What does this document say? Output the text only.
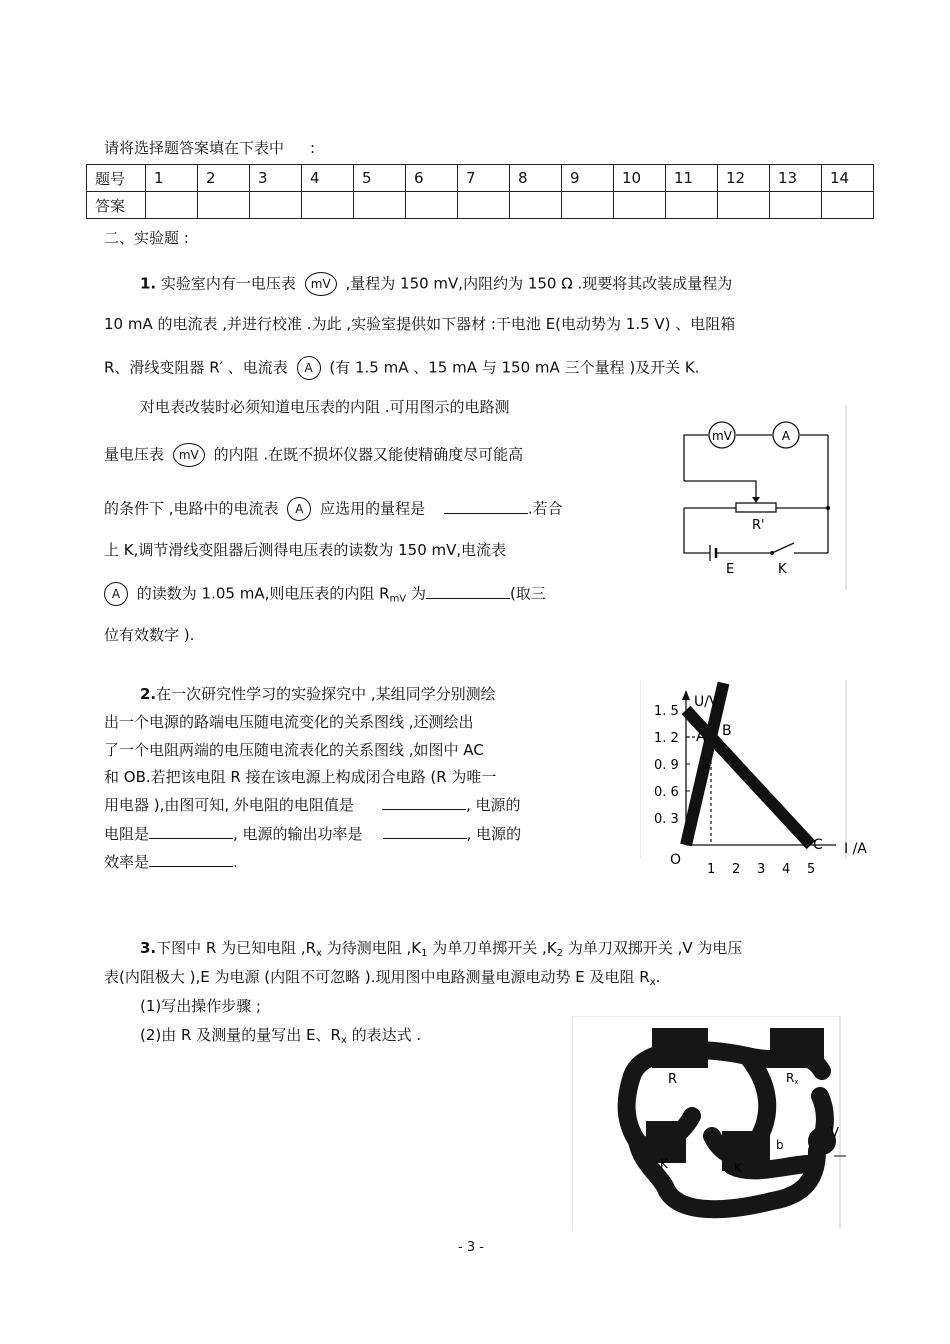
请将选择题答案填在下表中 :
题号	1	2	3	4	5	6	7	8	9	10	11	12	13	14
答案														
二、实验题 :
1. 实验室内有一电压表 mV ,量程为 150 mV,内阻约为 150 Ω .现要将其改装成量程为
10 mA 的电流表 ,并进行校准 .为此 ,实验室提供如下器材 :干电池 E(电动势为 1.5 V) 、电阻箱
R、滑线变阻器 R′ 、电流表 A (有 1.5 mA 、15 mA 与 150 mA 三个量程 )及开关 K.
对电表改装时必须知道电压表的内阻 .可用图示的电路测
量电压表 mV 的内阻 .在既不损坏仪器又能使精确度尽可能高
的条件下 ,电路中的电流表 A 应选用的量程是	.若合
上 K,调节滑线变阻器后测得电压表的读数为 150 mV,电流表
A 的读数为 1.05 mA,则电压表的内阻 $R_{mV}$ 为	(取三
位有效数字 ).
mV	A
R'
E	K
2.在一次研究性学习的实验探究中 ,某组同学分别测绘
出一个电源的路端电压随电流变化的关系图线 ,还测绘出
了一个电阻两端的电压随电流表化的关系图线 ,如图中 AC
和 OB.若把该电阻 R 接在该电源上构成闭合电路 (R 为唯一
用电器 ),由图可知, 外电阻的电阻值是	, 电源的
电阻是	, 电源的输出功率是	, 电源的
效率是	.
U/V
I /A
O
A B
C
1. 5
1. 2
0. 9
0. 6
0. 3
1 2 3 4 5
3.下图中 R 为已知电阻 $,R_x$ 为待测电阻 $,K_1$ 为单刀单掷开关 $,K_2$ 为单刀双掷开关 ,V 为电压
表(内阻极大 ),E 为电源 (内阻不可忽略 ).现用图中电路测量电源电动势 E 及电阻 $R_x$.
(1)写出操作步骤 ;
(2)由 R 及测量的量写出 E、$R_x$ 的表达式 .
R	Rx
V
K	K
b
- 3 -
